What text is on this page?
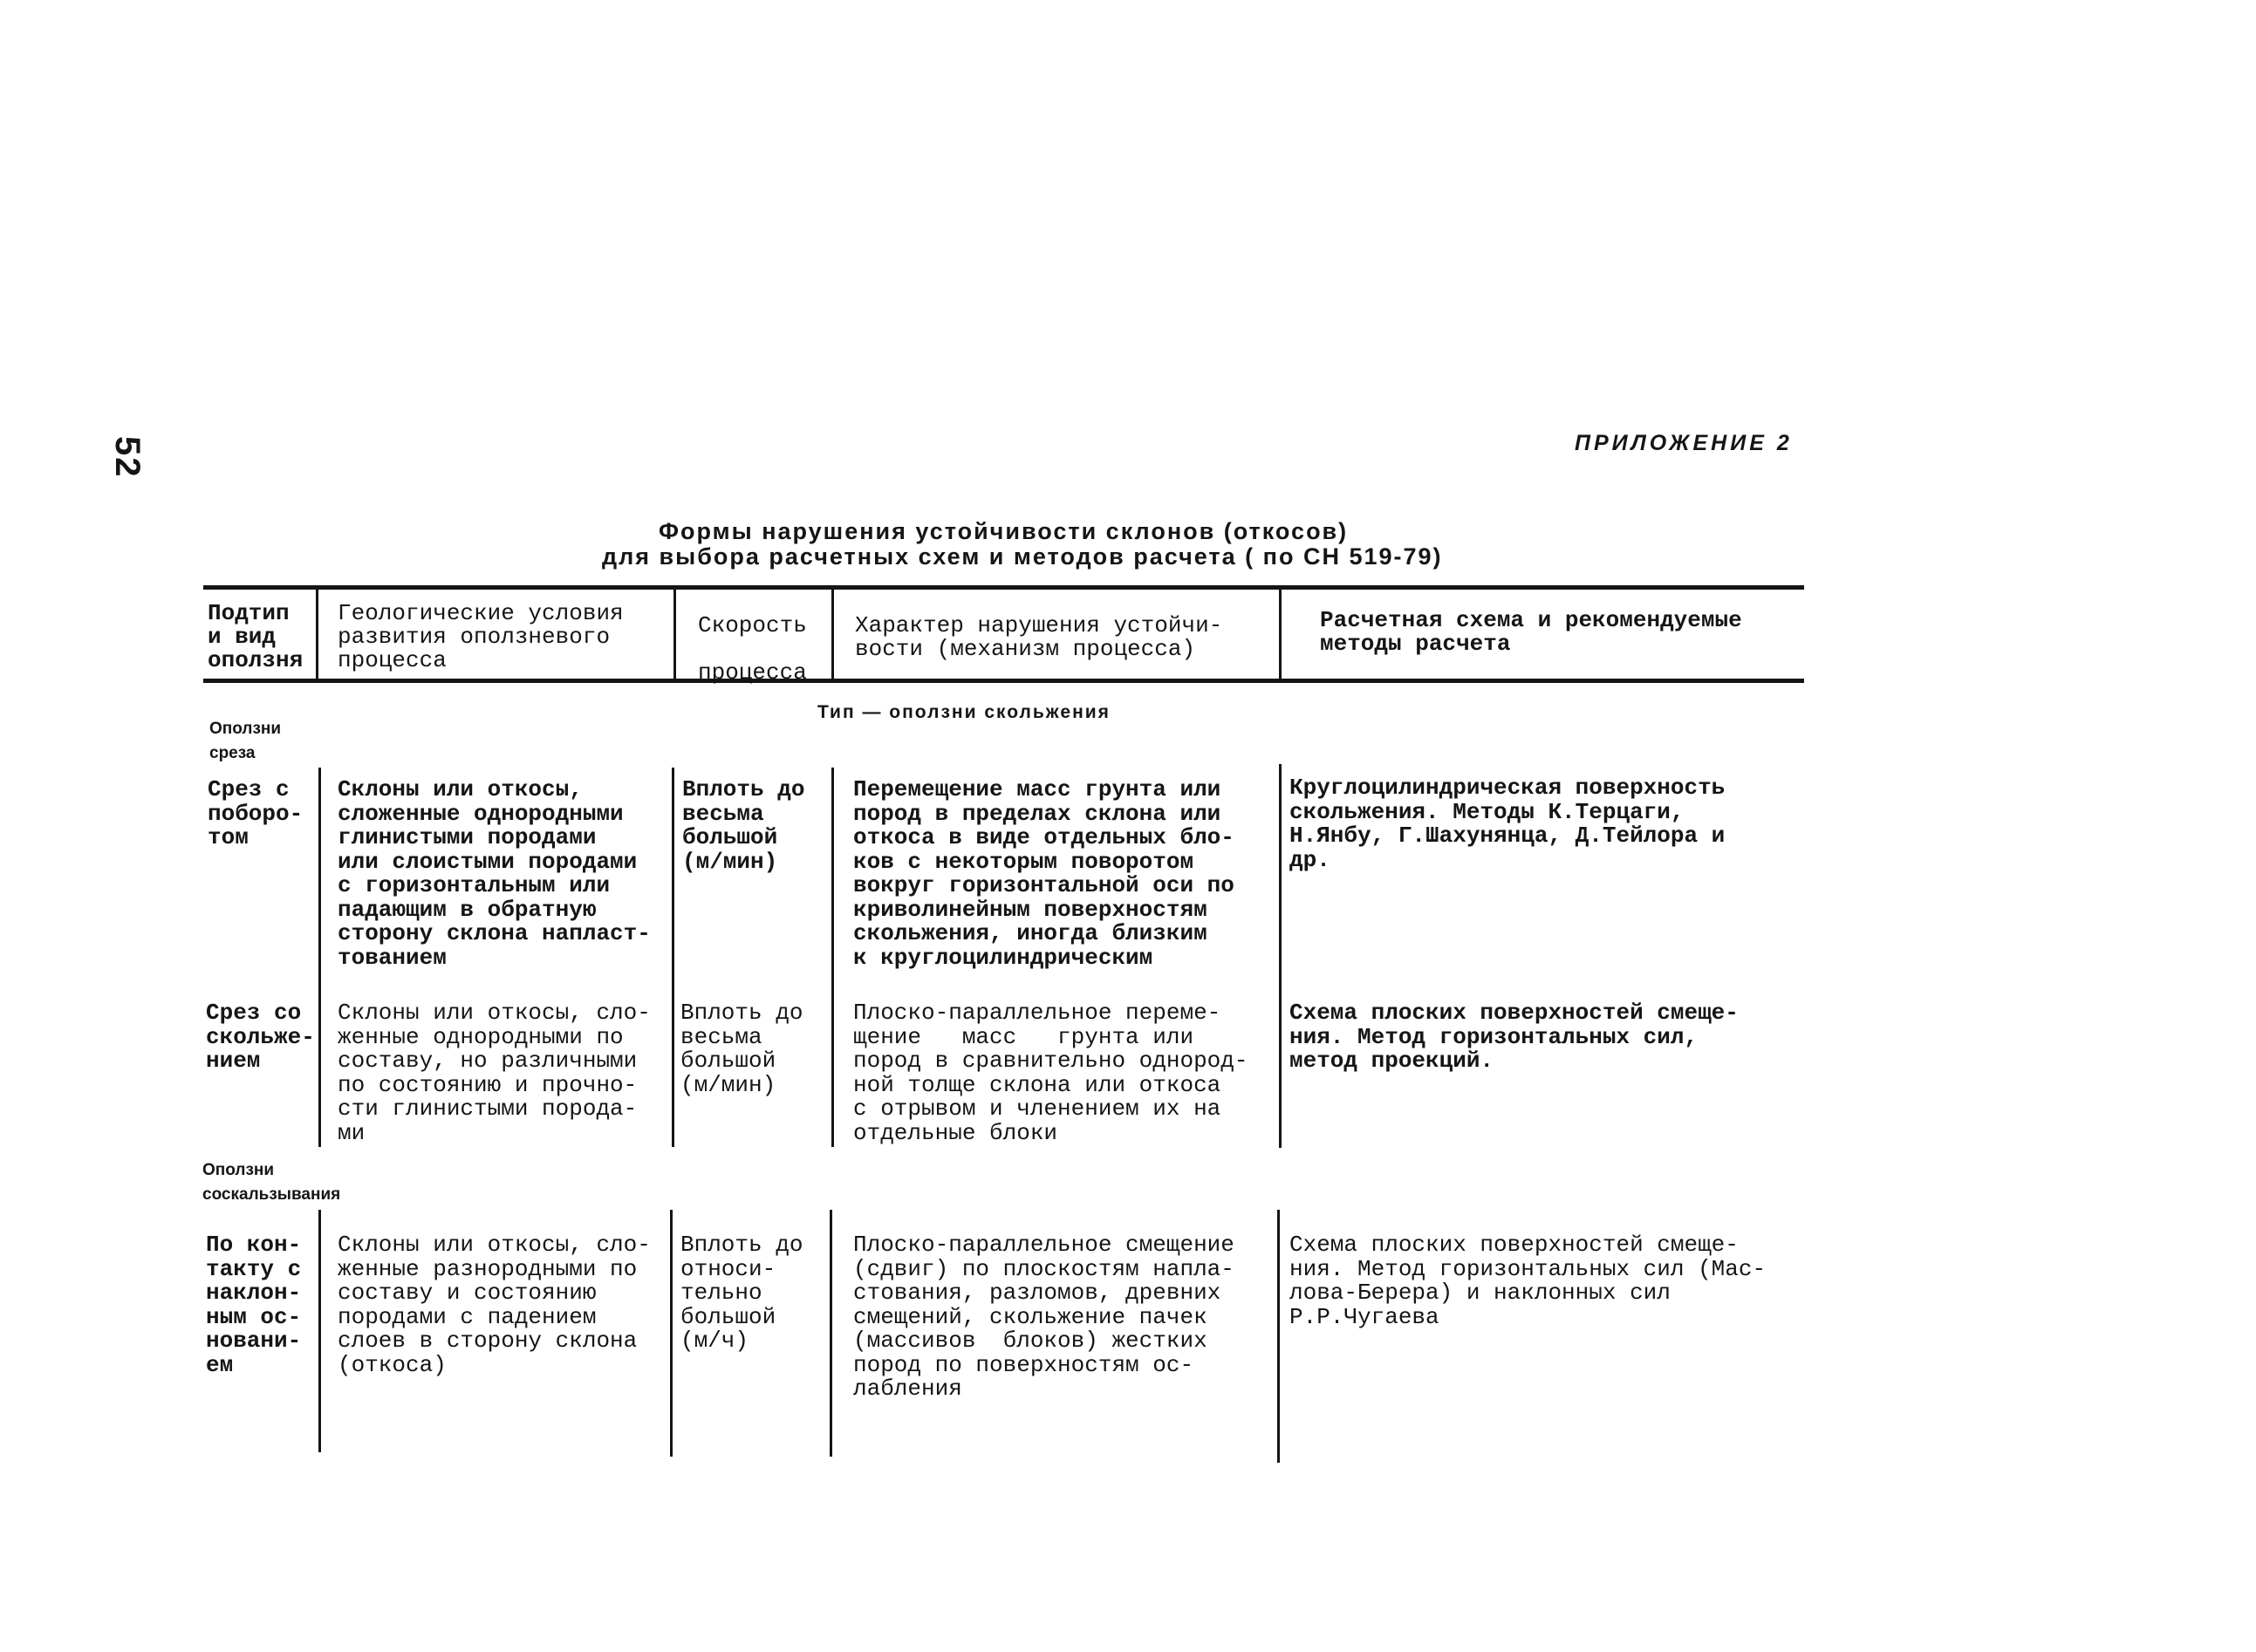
52	ПРИЛОЖЕНИЕ 2
Формы нарушения устойчивости склонов (откосов)
для выбора расчетных схем и методов расчета ( по СН 519-79)
Подтип
и вид
оползня
Геологические условия
развития оползневого
процесса
Скорость

процесса
Характер нарушения устойчи-
вости (механизм процесса)
Расчетная схема и рекомендуемые
методы расчета
Тип — оползни скольжения
Оползни
среза
Срез с
поборо-
том
Склоны или откосы,
сложенные однородными
глинистыми породами
или слоистыми породами
с горизонтальным или
падающим в обратную
сторону склона напласт-
тованием
Вплоть до
весьма
большой
(м/мин)
Перемещение масс грунта или
пород в пределах склона или
откоса в виде отдельных бло-
ков с некоторым поворотом
вокруг горизонтальной оси по
криволинейным поверхностям
скольжения, иногда близким
к круглоцилиндрическим
Круглоцилиндрическая поверхность
скольжения. Методы К.Терцаги,
Н.Янбу, Г.Шахунянца, Д.Тейлора и
др.
Срез со
скольже-
нием
Склоны или откосы, сло-
женные однородными по
составу, но различными
по состоянию и прочно-
сти глинистыми порода-
ми
Вплоть до
весьма
большой
(м/мин)
Плоско-параллельное переме-
щение   масс   грунта или
пород в сравнительно однород-
ной толще склона или откоса
с отрывом и членением их на
отдельные блоки
Схема плоских поверхностей смеще-
ния. Метод горизонтальных сил,
метод проекций.
Оползни
соскальзывания
По кон-
такту с
наклон-
ным ос-
новани-
ем
Склоны или откосы, сло-
женные разнородными по
составу и состоянию
породами с падением
слоев в сторону склона
(откоса)
Вплоть до
относи-
тельно
большой
(м/ч)
Плоско-параллельное смещение
(сдвиг) по плоскостям напла-
стования, разломов, древних
смещений, скольжение пачек
(массивов  блоков) жестких
пород по поверхностям ос-
лабления
Схема плоских поверхностей смеще-
ния. Метод горизонтальных сил (Мас-
лова-Берера) и наклонных сил
Р.Р.Чугаева
